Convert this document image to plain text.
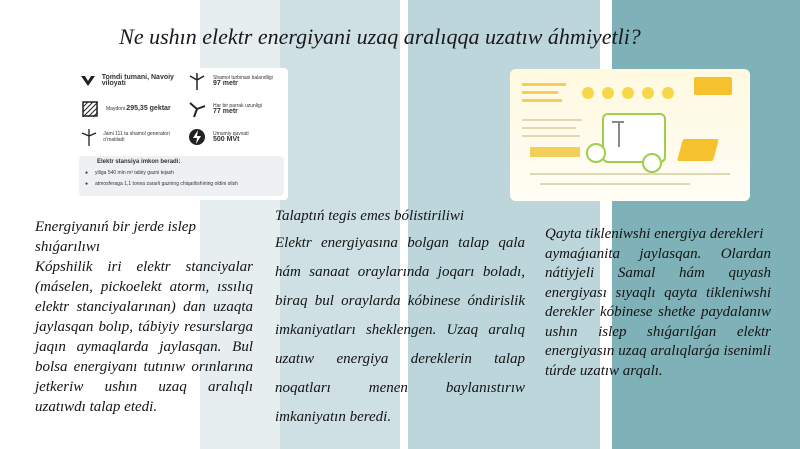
Ne ushın elektr energiyani uzaq aralıqqa uzatıw áhmiyetli?
Tomdi tumani, Navoiy viloyati
Shamol turbinasi balandligi
97 metr
Maydoni 295,35 gektar	Har bir parrak uzunligi
77 metr
Jami 111 ta shamol generatori o'rnatiladi
Umumiy quvvati
500 MVt
Elektr stansiya imkon beradi:
● yiliga 540 mln m³ tabiiy gazni tejash
● atmosferaga 1,1 tonna zararli gazning chiqarilishining oldini olish
Energiyanıń bir jerde islep shıǵarılıwı
Kópshilik iri elektr stanciyalar (máselen, pickoelekt atorm, ıssılıq elektr stanciyalarınan) dan uzaqta jaylasqan bolıp, tábiyiy resurslarga jaqın aymaqlarda jaylasqan. Bul bolsa energiyanı tutınıw orınlarına jetkeriw ushın uzaq aralıqlı uzatıwdı talap etedi.
Talaptıń tegis emes bólistiriliwi
Elektr energiyasına bolgan talap qala hám sanaat oraylarında joqarı boladı, biraq bul oraylarda kóbinese óndirislik imkaniyatları sheklengen. Uzaq aralıq uzatıw energiya dereklerin talap noqatları menen baylanıstırıw imkaniyatın beredi.
Qayta tikleniwshi energiya derekleri
aymaǵıanita jaylasqan. Olardan nátiyjeli Samal hám quyash energiyası sıyaqlı qayta tikleniwshi derekler kóbinese shetke paydalanıw ushın islep shıǵarılǵan elektr energiyasın uzaq aralıqlarǵa isenimli túrde uzatıw arqalı.
